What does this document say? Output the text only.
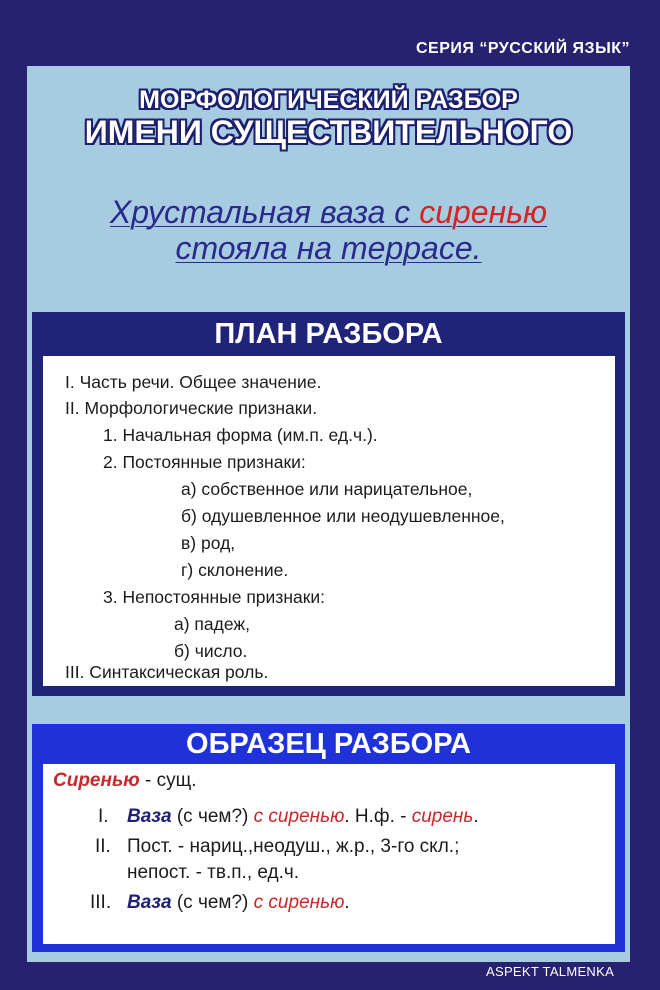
СЕРИЯ “РУССКИЙ ЯЗЫК”
МОРФОЛОГИЧЕСКИЙ РАЗБОР
ИМЕНИ СУЩЕСТВИТЕЛЬНОГО
Хрустальная ваза с сиренью
стояла на террасе.
ПЛАН РАЗБОРА
I. Часть речи. Общее значение.
II. Морфологические признаки.
1. Начальная форма (им.п. ед.ч.).
2. Постоянные признаки:
а) собственное или нарицательное,
б) одушевленное или неодушевленное,
в) род,
г) склонение.
3. Непостоянные признаки:
а) падеж,
б) число.
III. Синтаксическая роль.
ОБРАЗЕЦ РАЗБОРА
Сиренью - сущ.
I. Ваза (с чем?) с сиренью. Н.ф. - сирень.
II. Пост. - нариц.,неодуш., ж.р., 3-го скл.;
непост. - тв.п., ед.ч.
III. Ваза (с чем?) с сиренью.	Postila.ru
ASPEKT TALMENKA
